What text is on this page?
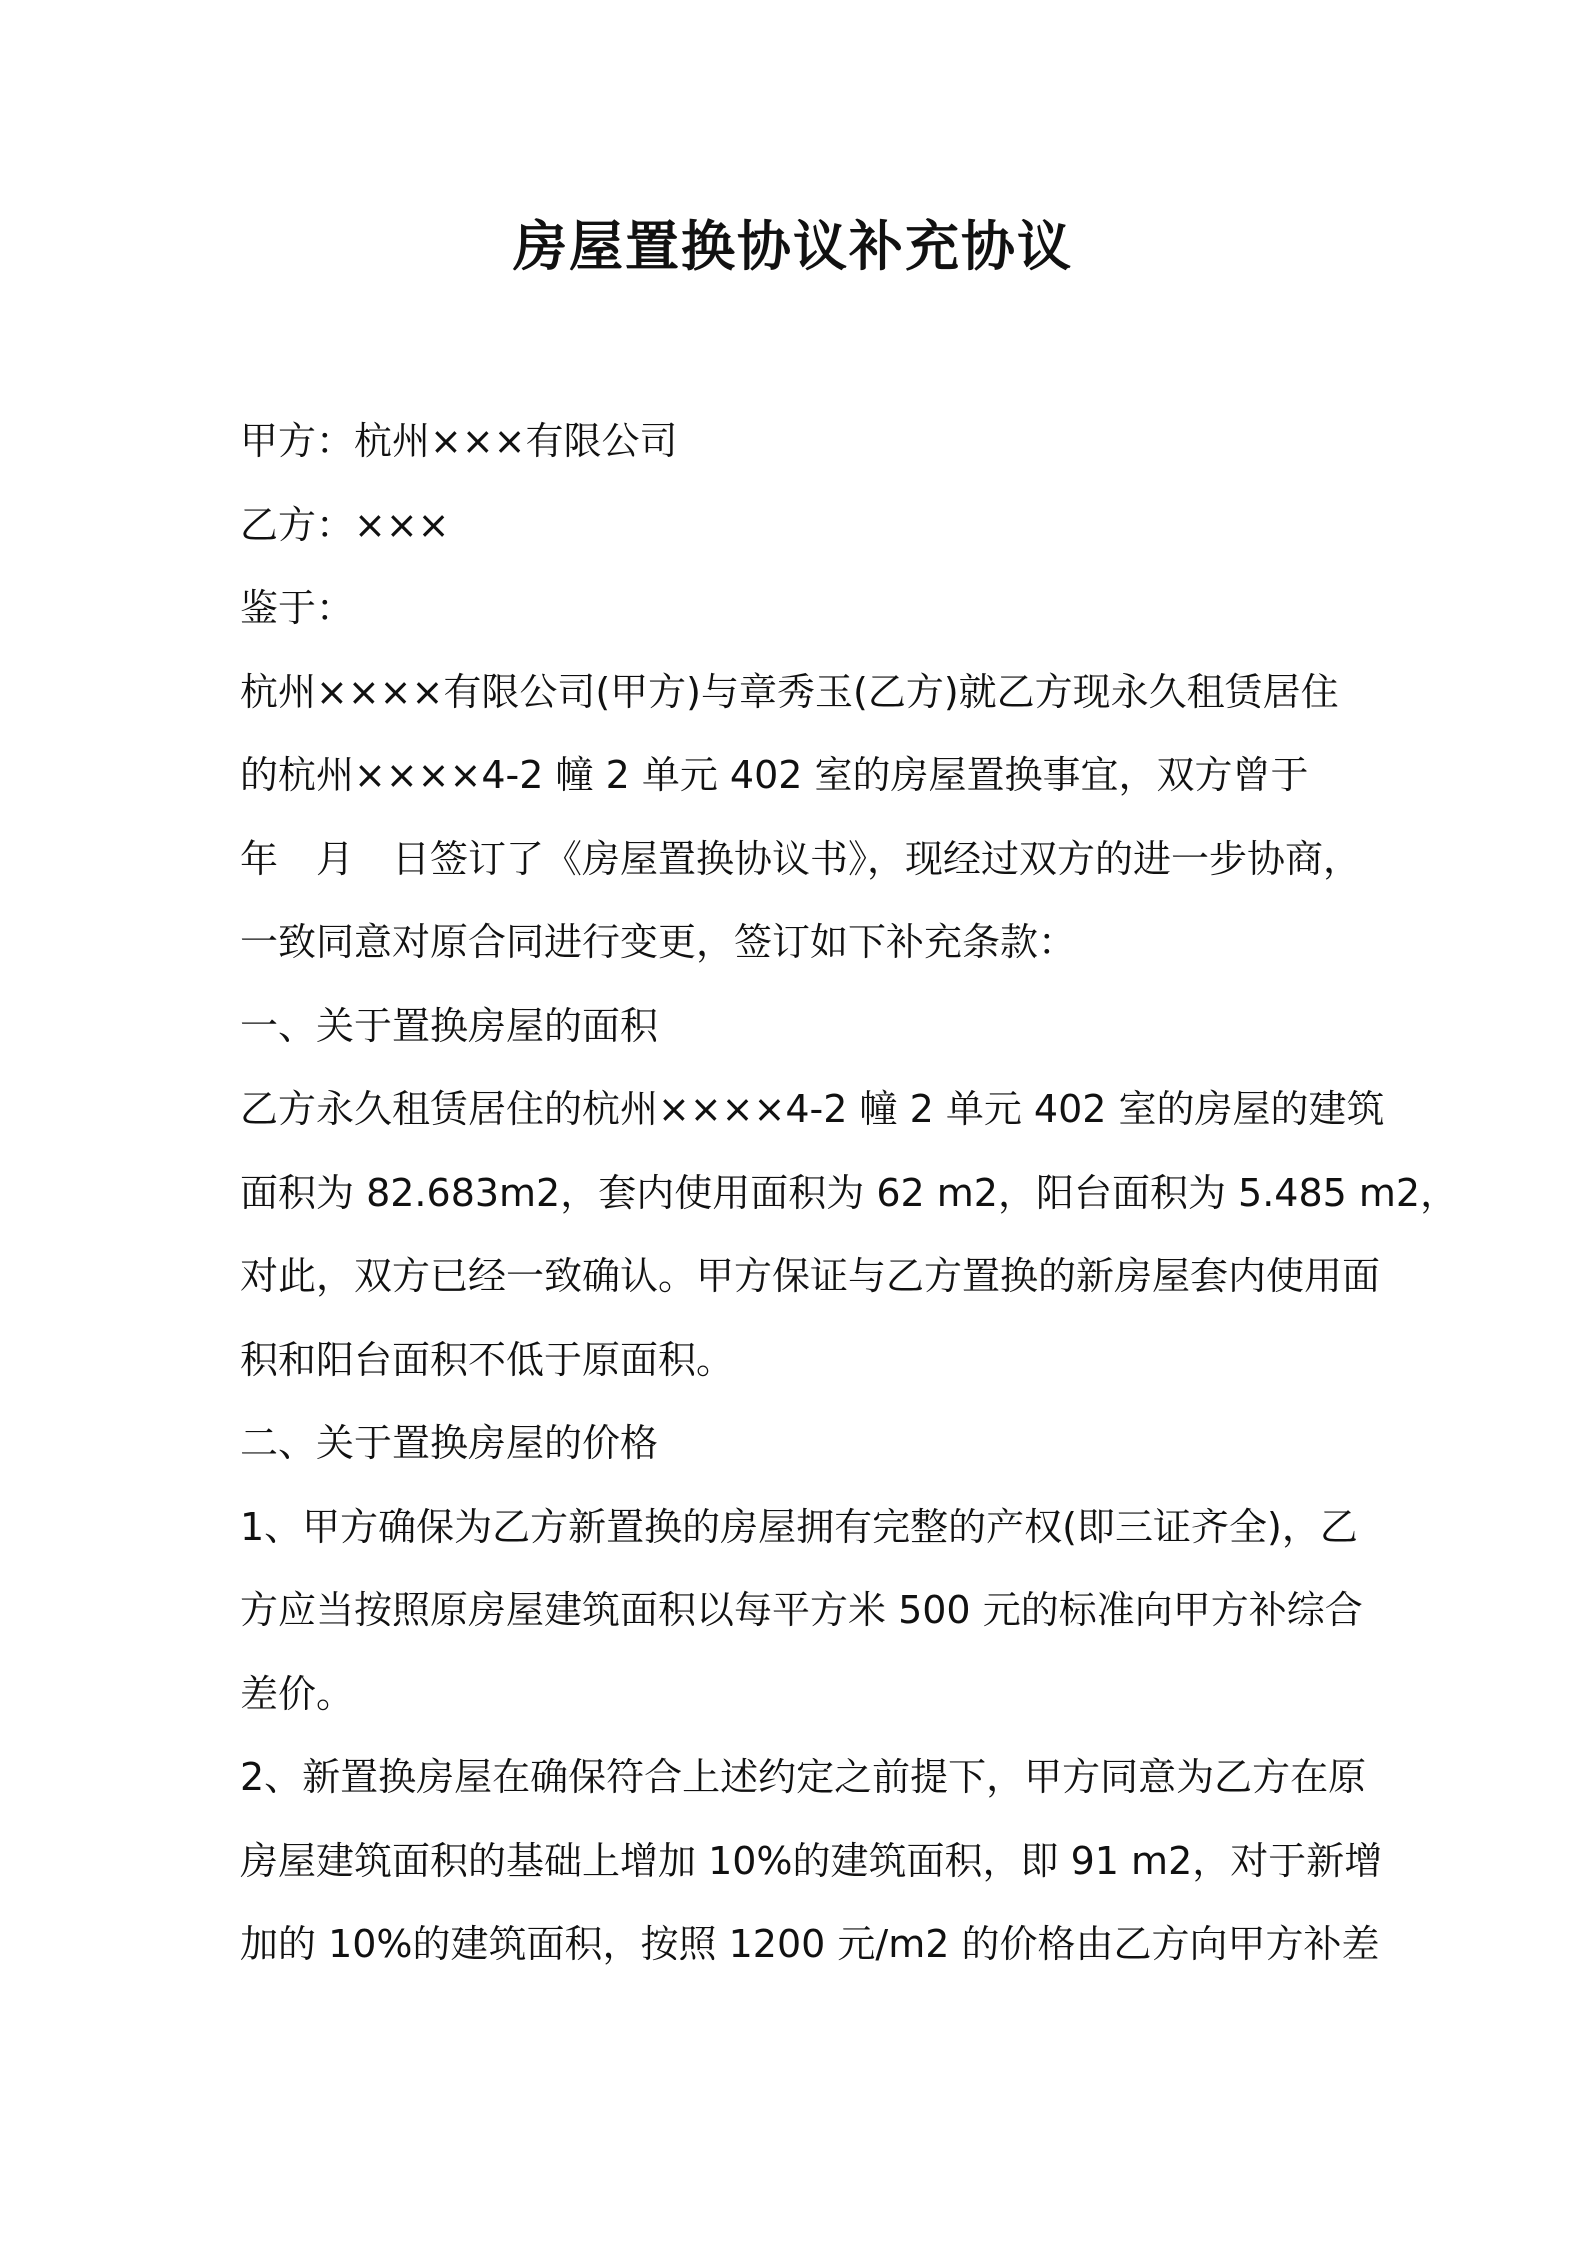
房屋置换协议补充协议

甲方：杭州×××有限公司

乙方：×××

鉴于：

杭州××××有限公司(甲方)与章秀玉(乙方)就乙方现永久租赁居住

的杭州××××4-2 幢 2 单元 402 室的房屋置换事宜，双方曾于

年 月 日签订了《房屋置换协议书》，现经过双方的进一步协商，

一致同意对原合同进行变更，签订如下补充条款：

一、关于置换房屋的面积

乙方永久租赁居住的杭州××××4-2 幢 2 单元 402 室的房屋的建筑

面积为 82.683m2，套内使用面积为 62 m2，阳台面积为 5.485 m2，

对此，双方已经一致确认。甲方保证与乙方置换的新房屋套内使用面

积和阳台面积不低于原面积。

二、关于置换房屋的价格

1、甲方确保为乙方新置换的房屋拥有完整的产权(即三证齐全)，乙

方应当按照原房屋建筑面积以每平方米 500 元的标准向甲方补综合

差价。

2、新置换房屋在确保符合上述约定之前提下，甲方同意为乙方在原

房屋建筑面积的基础上增加 10%的建筑面积，即 91 m2，对于新增

加的 10%的建筑面积，按照 1200 元/m2 的价格由乙方向甲方补差
